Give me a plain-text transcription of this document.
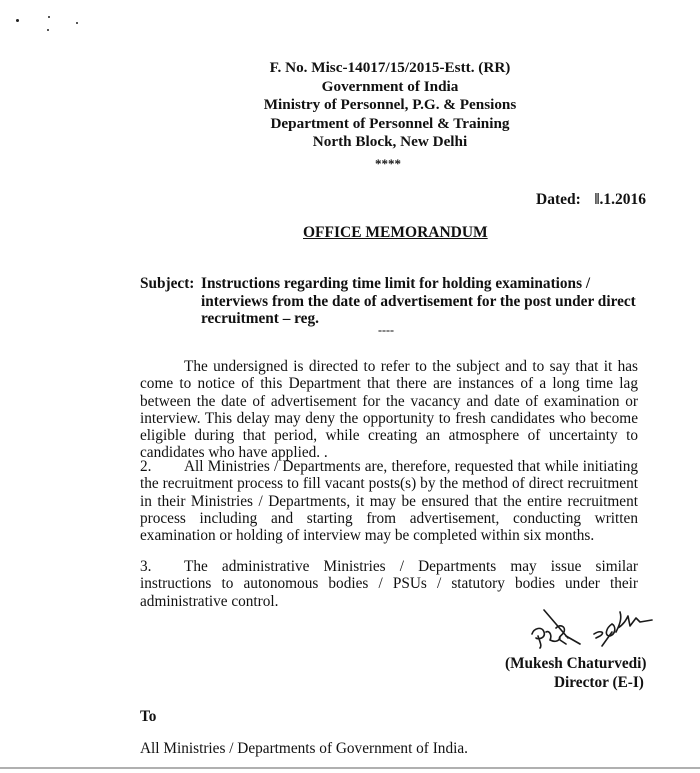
F. No. Misc-14017/15/2015-Estt. (RR)
Government of India
Ministry of Personnel, P.G. & Pensions
Department of Personnel & Training
North Block, New Delhi
****
Dated: ‖.1.2016
OFFICE MEMORANDUM
Subject: Instructions regarding time limit for holding examinations / interviews from the date of advertisement for the post under direct recruitment – reg.
----
The undersigned is directed to refer to the subject and to say that it has come to notice of this Department that there are instances of a long time lag between the date of advertisement for the vacancy and date of examination or interview. This delay may deny the opportunity to fresh candidates who become eligible during that period, while creating an atmosphere of uncertainty to candidates who have applied. .
2. All Ministries / Departments are, therefore, requested that while initiating the recruitment process to fill vacant posts(s) by the method of direct recruitment in their Ministries / Departments, it may be ensured that the entire recruitment process including and starting from advertisement, conducting written examination or holding of interview may be completed within six months.
3. The administrative Ministries / Departments may issue similar instructions to autonomous bodies / PSUs / statutory bodies under their administrative control.
(Mukesh Chaturvedi)
Director (E-I)
To
All Ministries / Departments of Government of India.
